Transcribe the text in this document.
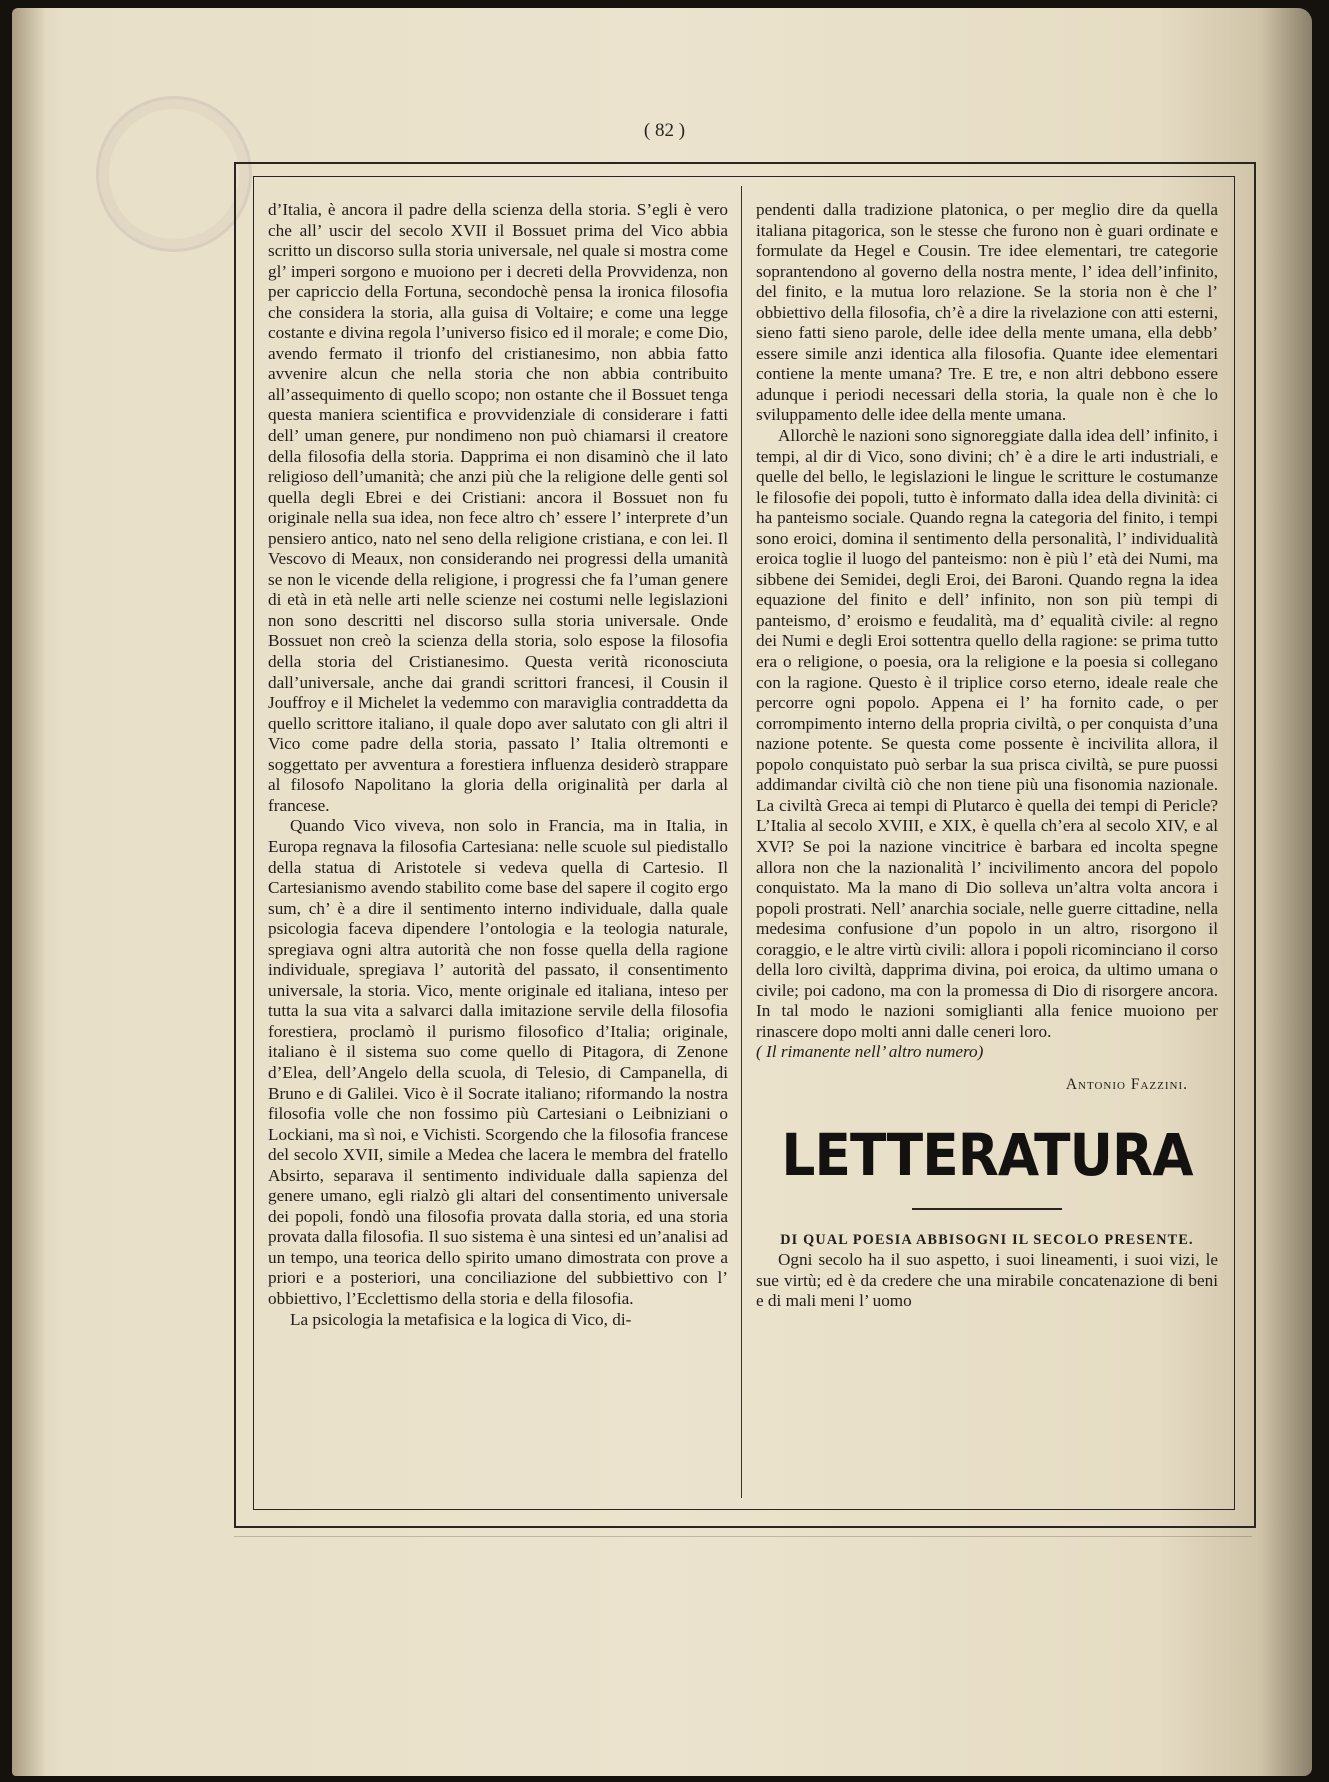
( 82 )

d’Italia, è ancora il padre della scienza della storia. S’egli è vero che all’ uscir del secolo XVII il Bossuet prima del Vico abbia scritto un discorso sulla storia universale, nel quale si mostra come gl’ imperi sorgono e muoiono per i decreti della Provvidenza, non per capriccio della Fortuna, secondochè pensa la ironica filosofia che considera la storia, alla guisa di Voltaire; e come una legge costante e divina regola l’universo fisico ed il morale; e come Dio, avendo fermato il trionfo del cristianesimo, non abbia fatto avvenire alcun che nella storia che non abbia contribuito all’assequimento di quello scopo; non ostante che il Bossuet tenga questa maniera scientifica e provvidenziale di considerare i fatti dell’ uman genere, pur nondimeno non può chiamarsi il creatore della filosofia della storia. Dapprima ei non disaminò che il lato religioso dell’umanità; che anzi più che la religione delle genti sol quella degli Ebrei e dei Cristiani: ancora il Bossuet non fu originale nella sua idea, non fece altro ch’ essere l’ interprete d’un pensiero antico, nato nel seno della religione cristiana, e con lei. Il Vescovo di Meaux, non considerando nei progressi della umanità se non le vicende della religione, i progressi che fa l’uman genere di età in età nelle arti nelle scienze nei costumi nelle legislazioni non sono descritti nel discorso sulla storia universale. Onde Bossuet non creò la scienza della storia, solo espose la filosofia della storia del Cristianesimo. Questa verità riconosciuta dall’universale, anche dai grandi scrittori francesi, il Cousin il Jouffroy e il Michelet la vedemmo con maraviglia contraddetta da quello scrittore italiano, il quale dopo aver salutato con gli altri il Vico come padre della storia, passato l’ Italia oltremonti e soggettato per avventura a forestiera influenza desiderò strappare al filosofo Napolitano la gloria della originalità per darla al francese.

Quando Vico viveva, non solo in Francia, ma in Italia, in Europa regnava la filosofia Cartesiana: nelle scuole sul piedistallo della statua di Aristotele si vedeva quella di Cartesio. Il Cartesianismo avendo stabilito come base del sapere il cogito ergo sum, ch’ è a dire il sentimento interno individuale, dalla quale psicologia faceva dipendere l’ontologia e la teologia naturale, spregiava ogni altra autorità che non fosse quella della ragione individuale, spregiava l’ autorità del passato, il consentimento universale, la storia. Vico, mente originale ed italiana, inteso per tutta la sua vita a salvarci dalla imitazione servile della filosofia forestiera, proclamò il purismo filosofico d’Italia; originale, italiano è il sistema suo come quello di Pitagora, di Zenone d’Elea, dell’Angelo della scuola, di Telesio, di Campanella, di Bruno e di Galilei. Vico è il Socrate italiano; riformando la nostra filosofia volle che non fossimo più Cartesiani o Leibniziani o Lockiani, ma sì noi, e Vichisti. Scorgendo che la filosofia francese del secolo XVII, simile a Medea che lacera le membra del fratello Absirto, separava il sentimento individuale dalla sapienza del genere umano, egli rialzò gli altari del consentimento universale dei popoli, fondò una filosofia provata dalla storia, ed una storia provata dalla filosofia. Il suo sistema è una sintesi ed un’analisi ad un tempo, una teorica dello spirito umano dimostrata con prove a priori e a posteriori, una conciliazione del subbiettivo con l’ obbiettivo, l’Ecclettismo della storia e della filosofia.

La psicologia la metafisica e la logica di Vico, di-

pendenti dalla tradizione platonica, o per meglio dire da quella italiana pitagorica, son le stesse che furono non è guari ordinate e formulate da Hegel e Cousin. Tre idee elementari, tre categorie soprantendono al governo della nostra mente, l’ idea dell’infinito, del finito, e la mutua loro relazione. Se la storia non è che l’ obbiettivo della filosofia, ch’è a dire la rivelazione con atti esterni, sieno fatti sieno parole, delle idee della mente umana, ella debb’ essere simile anzi identica alla filosofia. Quante idee elementari contiene la mente umana? Tre. E tre, e non altri debbono essere adunque i periodi necessari della storia, la quale non è che lo sviluppamento delle idee della mente umana.

Allorchè le nazioni sono signoreggiate dalla idea dell’ infinito, i tempi, al dir di Vico, sono divini; ch’ è a dire le arti industriali, e quelle del bello, le legislazioni le lingue le scritture le costumanze le filosofie dei popoli, tutto è informato dalla idea della divinità: ci ha panteismo sociale. Quando regna la categoria del finito, i tempi sono eroici, domina il sentimento della personalità, l’ individualità eroica toglie il luogo del panteismo: non è più l’ età dei Numi, ma sibbene dei Semidei, degli Eroi, dei Baroni. Quando regna la idea equazione del finito e dell’ infinito, non son più tempi di panteismo, d’ eroismo e feudalità, ma d’ equalità civile: al regno dei Numi e degli Eroi sottentra quello della ragione: se prima tutto era o religione, o poesia, ora la religione e la poesia si collegano con la ragione. Questo è il triplice corso eterno, ideale reale che percorre ogni popolo. Appena ei l’ ha fornito cade, o per corrompimento interno della propria civiltà, o per conquista d’una nazione potente. Se questa come possente è incivilita allora, il popolo conquistato può serbar la sua prisca civiltà, se pure puossi addimandar civiltà ciò che non tiene più una fisonomia nazionale. La civiltà Greca ai tempi di Plutarco è quella dei tempi di Pericle? L’Italia al secolo XVIII, e XIX, è quella ch’era al secolo XIV, e al XVI? Se poi la nazione vincitrice è barbara ed incolta spegne allora non che la nazionalità l’ incivilimento ancora del popolo conquistato. Ma la mano di Dio solleva un’altra volta ancora i popoli prostrati. Nell’ anarchia sociale, nelle guerre cittadine, nella medesima confusione d’un popolo in un altro, risorgono il coraggio, e le altre virtù civili: allora i popoli ricominciano il corso della loro civiltà, dapprima divina, poi eroica, da ultimo umana o civile; poi cadono, ma con la promessa di Dio di risorgere ancora. In tal modo le nazioni somiglianti alla fenice muoiono per rinascere dopo molti anni dalle ceneri loro.

( Il rimanente nell’ altro numero)

Antonio Fazzini.
LETTERATURA
DI QUAL POESIA ABBISOGNI IL SECOLO PRESENTE.

Ogni secolo ha il suo aspetto, i suoi lineamenti, i suoi vizi, le sue virtù; ed è da credere che una mirabile concatenazione di beni e di mali meni l’ uomo
